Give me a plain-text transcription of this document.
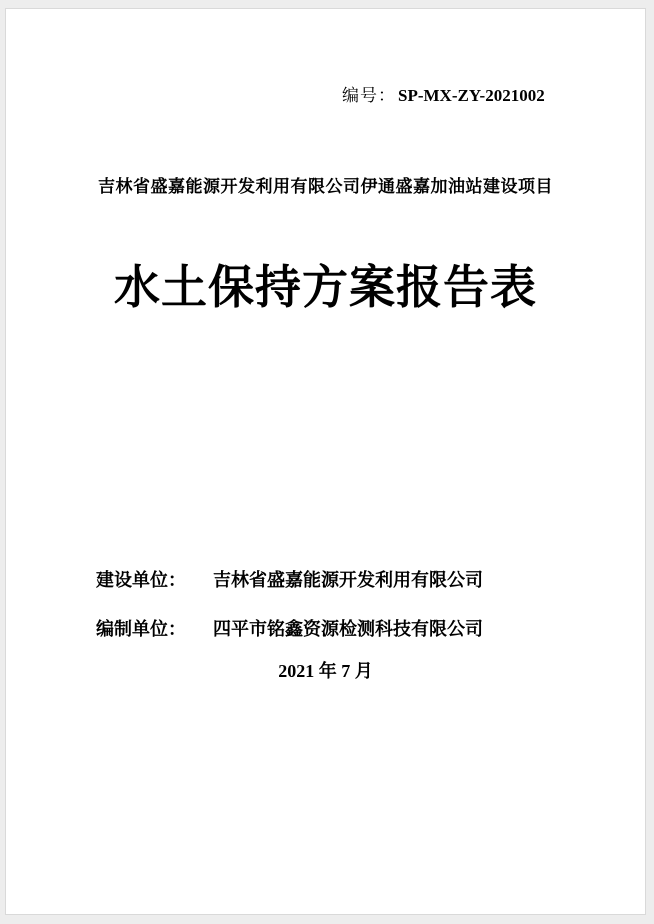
编号： SP-MX-ZY-2021002
吉林省盛嘉能源开发利用有限公司伊通盛嘉加油站建设项目
水土保持方案报告表
建设单位： 吉林省盛嘉能源开发利用有限公司
编制单位： 四平市铭鑫资源检测科技有限公司
2021 年 7 月
